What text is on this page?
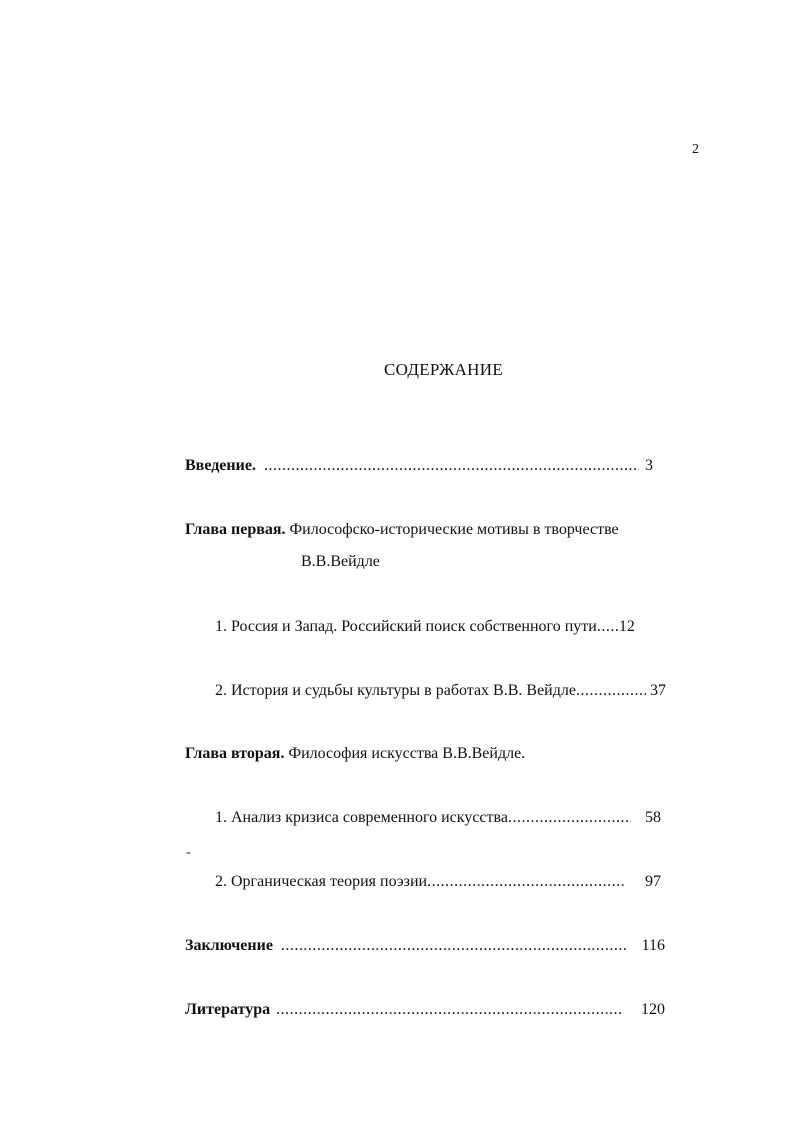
2
СОДЕРЖАНИЕ
Введение. .....	3
Глава первая. Философско-исторические мотивы в творчестве
В.В.Вейдле
1. Россия и Запад. Российский поиск собственного пути ..... 12
2. История и судьбы культуры в работах В.В. Вейдле .....	37
Глава вторая. Философия искусства В.В.Вейдле.
1. Анализ кризиса современного искусства .....	58
-
2. Органическая теория поэзии .....	97
Заключение .....	116
Литература .....	120
